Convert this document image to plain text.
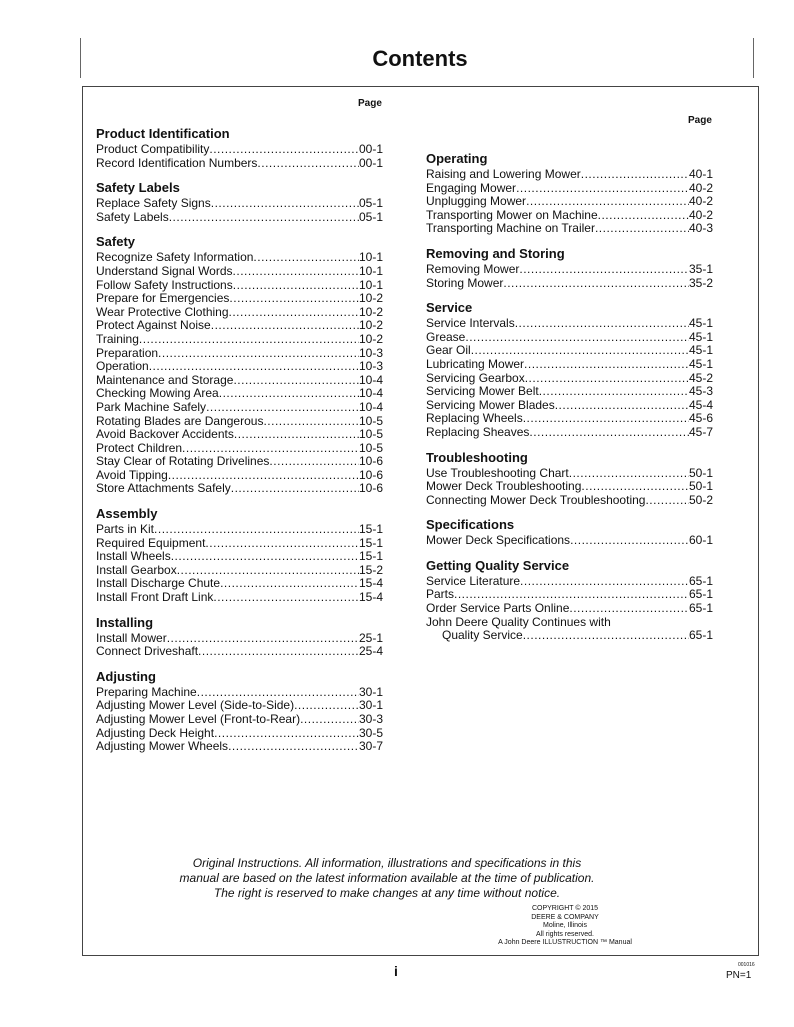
Contents
Page
Page
Product Identification
Product Compatibility .....	00-1
Record Identification Numbers .....	00-1
Safety Labels
Replace Safety Signs .....	05-1
Safety Labels .....	05-1
Safety
Recognize Safety Information .....	10-1
Understand Signal Words .....	10-1
Follow Safety Instructions .....	10-1
Prepare for Emergencies .....	10-2
Wear Protective Clothing .....	10-2
Protect Against Noise .....	10-2
Training .....	10-2
Preparation .....	10-3
Operation .....	10-3
Maintenance and Storage .....	10-4
Checking Mowing Area .....	10-4
Park Machine Safely .....	10-4
Rotating Blades are Dangerous .....	10-5
Avoid Backover Accidents .....	10-5
Protect Children .....	10-5
Stay Clear of Rotating Drivelines .....	10-6
Avoid Tipping .....	10-6
Store Attachments Safely .....	10-6
Assembly
Parts in Kit .....	15-1
Required Equipment .....	15-1
Install Wheels .....	15-1
Install Gearbox .....	15-2
Install Discharge Chute .....	15-4
Install Front Draft Link .....	15-4
Installing
Install Mower .....	25-1
Connect Driveshaft .....	25-4
Adjusting
Preparing Machine .....	30-1
Adjusting Mower Level (Side-to-Side) .....	30-1
Adjusting Mower Level (Front-to-Rear) .....	30-3
Adjusting Deck Height .....	30-5
Adjusting Mower Wheels .....	30-7
Operating
Raising and Lowering Mower .....	40-1
Engaging Mower .....	40-2
Unplugging Mower .....	40-2
Transporting Mower on Machine .....	40-2
Transporting Machine on Trailer .....	40-3
Removing and Storing
Removing Mower .....	35-1
Storing Mower .....	35-2
Service
Service Intervals .....	45-1
Grease .....	45-1
Gear Oil .....	45-1
Lubricating Mower .....	45-1
Servicing Gearbox .....	45-2
Servicing Mower Belt .....	45-3
Servicing Mower Blades .....	45-4
Replacing Wheels .....	45-6
Replacing Sheaves .....	45-7
Troubleshooting
Use Troubleshooting Chart .....	50-1
Mower Deck Troubleshooting .....	50-1
Connecting Mower Deck Troubleshooting .....	50-2
Specifications
Mower Deck Specifications .....	60-1
Getting Quality Service
Service Literature .....	65-1
Parts .....	65-1
Order Service Parts Online .....	65-1
John Deere Quality Continues with
Quality Service .....	65-1
Original Instructions. All information, illustrations and specifications in this
manual are based on the latest information available at the time of publication.
The right is reserved to make changes at any time without notice.
COPYRIGHT © 2015
DEERE & COMPANY
Moline, Illinois
All rights reserved.
A John Deere ILLUSTRUCTION ™ Manual
i	001016
PN=1
